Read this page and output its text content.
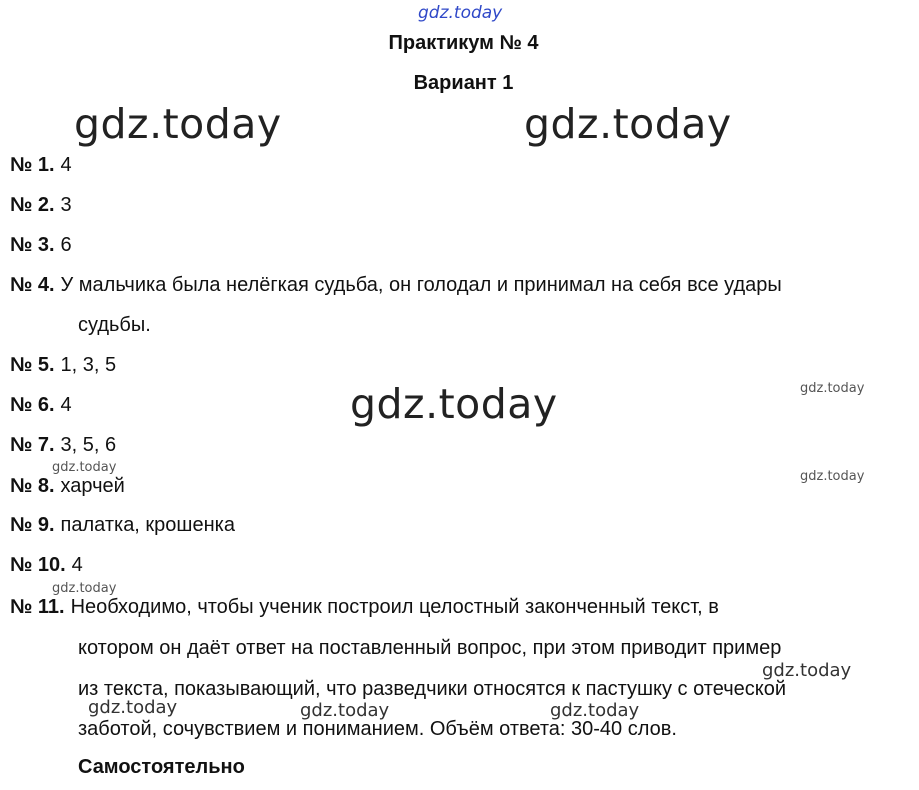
gdz.today
gdz.today	gdz.today
gdz.today	gdz.today
gdz.today
gdz.today
gdz.today
gdz.today
gdz.today	gdz.today	gdz.today
Практикум № 4
Вариант 1
№ 1. 4
№ 2. 3
№ 3. 6
№ 4. У мальчика была нелёгкая судьба, он голодал и принимал на себя все удары
судьбы.
№ 5. 1, 3, 5
№ 6. 4
№ 7. 3, 5, 6
№ 8. харчей
№ 9. палатка, крошенка
№ 10. 4
№ 11. Необходимо, чтобы ученик построил целостный законченный текст, в
котором он даёт ответ на поставленный вопрос, при этом приводит пример
из текста, показывающий, что разведчики относятся к пастушку с отеческой
заботой, сочувствием и пониманием. Объём ответа: 30-40 слов.
Самостоятельно
